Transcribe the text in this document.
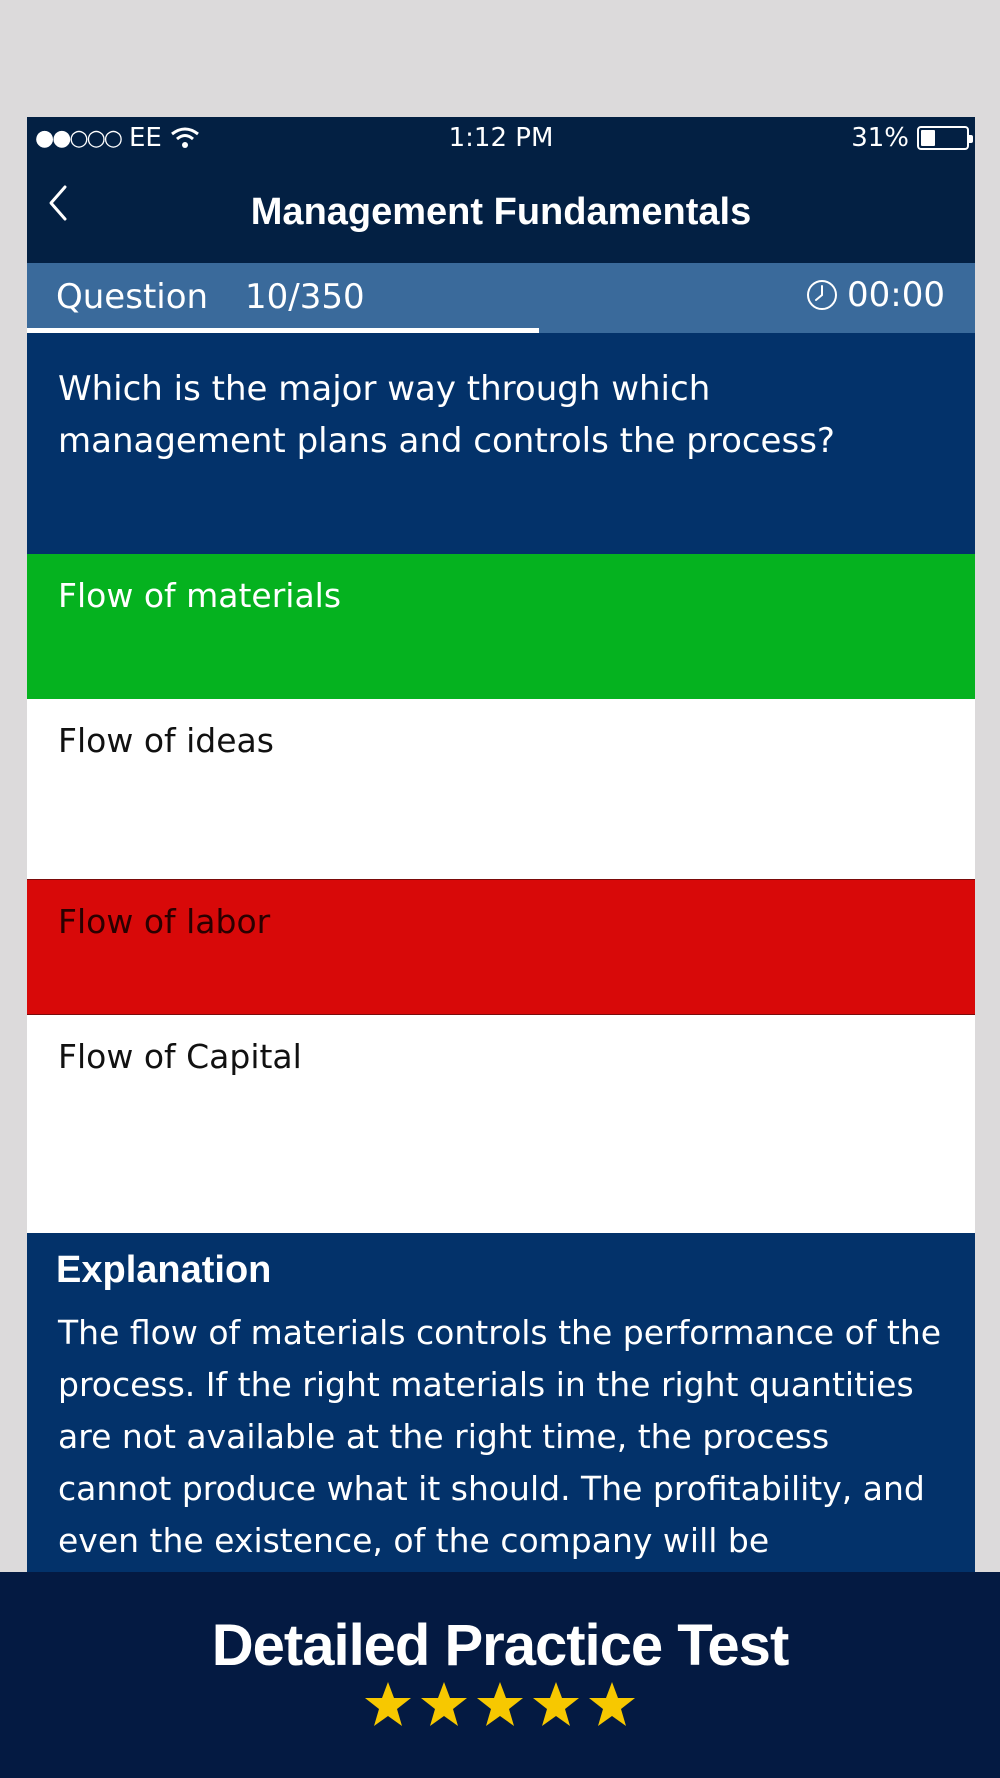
●●○○○ EE	1:12 PM	31%
Management Fundamentals
Question 10/350	00:00
Which is the major way through which management plans and controls the process?
Flow of materials
Flow of ideas
Flow of labor
Flow of Capital
Explanation
The flow of materials controls the performance of the process. If the right materials in the right quantities are not available at the right time, the process cannot produce what it should. The profitability, and even the existence, of the company will be
Detailed Practice Test
